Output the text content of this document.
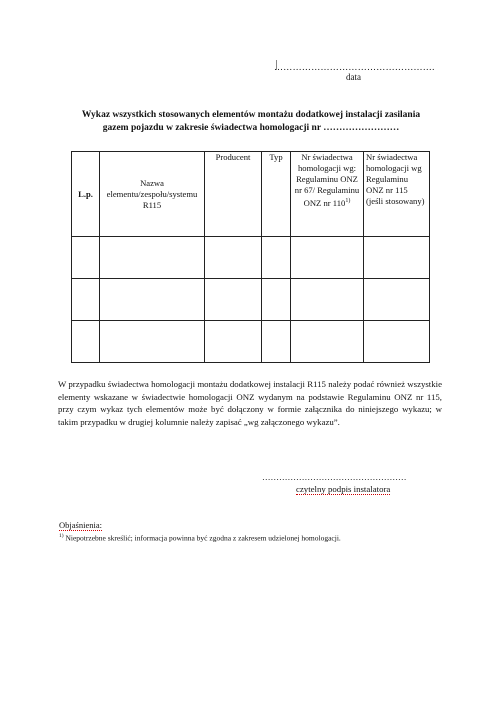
…………………………………………….
data
Wykaz wszystkich stosowanych elementów montażu dodatkowej instalacji zasilania
gazem pojazdu w zakresie świadectwa homologacji nr ……………………
L.p.	Nazwa elementu/zespołu/systemu R115	Producent	Typ	Nr świadectwa homologacji wg: Regulaminu ONZ nr 67/ Regulaminu ONZ nr 110$^{1)}$	Nr świadectwa homologacji wg Regulaminu ONZ nr 115 (jeśli stosowany)

W przypadku świadectwa homologacji montażu dodatkowej instalacji R115 należy podać również wszystkie elementy wskazane w świadectwie homologacji ONZ wydanym na podstawie Regulaminu ONZ nr 115, przy czym wykaz tych elementów może być dołączony w formie załącznika do niniejszego wykazu; w takim przypadku w drugiej kolumnie należy zapisać „wg załączonego wykazu”.
……………………………………………
czytelny podpis instalatora
Objaśnienia:
$^{1)}$ Niepotrzebne skreślić; informacja powinna być zgodna z zakresem udzielonej homologacji.
